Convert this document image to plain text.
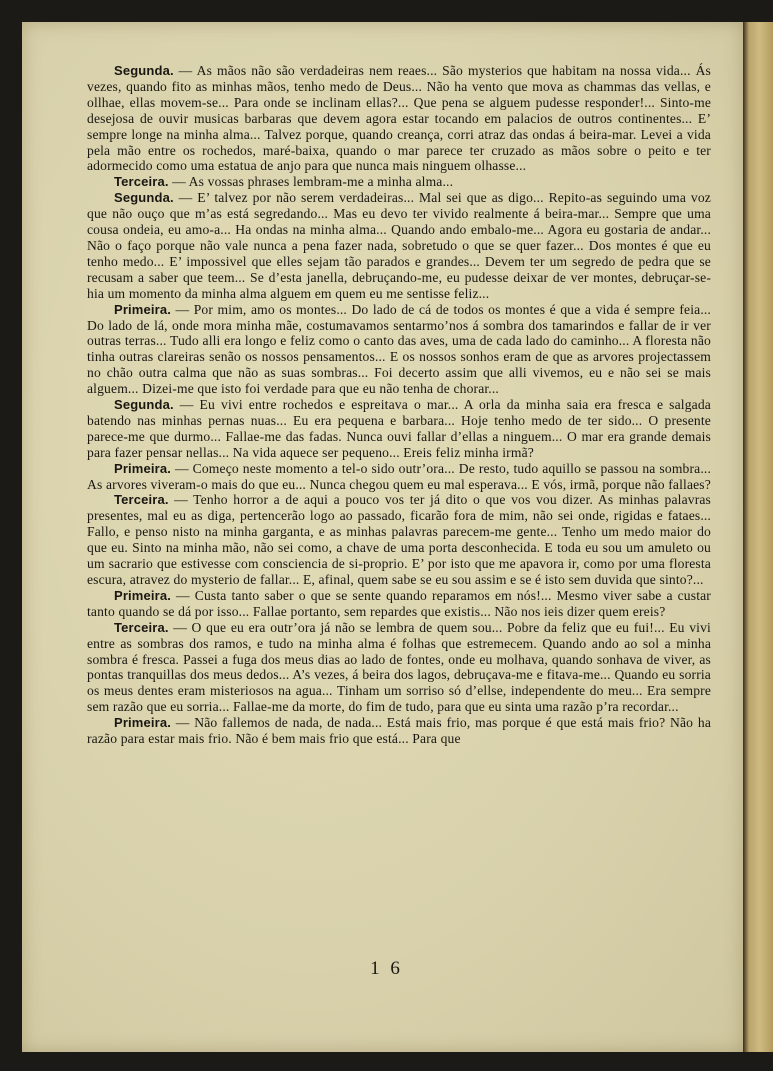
Segunda. — As mãos não são verdadeiras nem reaes... São mysterios que habitam na nossa vida... Ás vezes, quando fito as minhas mãos, tenho medo de Deus... Não ha vento que mova as chammas das vellas, e ollhae, ellas movem-se... Para onde se inclinam ellas?... Que pena se alguem pudesse responder!... Sinto-me desejosa de ouvir musicas barbaras que devem agora estar tocando em palacios de outros continentes... E’ sempre longe na minha alma... Talvez porque, quando creança, corri atraz das ondas á beira-mar. Levei a vida pela mão entre os rochedos, maré-baixa, quando o mar parece ter cruzado as mãos sobre o peito e ter adormecido como uma estatua de anjo para que nunca mais ninguem olhasse...

Terceira. — As vossas phrases lembram-me a minha alma...

Segunda. — E’ talvez por não serem verdadeiras... Mal sei que as digo... Repito-as seguindo uma voz que não ouço que m’as está segredando... Mas eu devo ter vivido realmente á beira-mar... Sempre que uma cousa ondeia, eu amo-a... Ha ondas na minha alma... Quando ando embalo-me... Agora eu gostaria de andar... Não o faço porque não vale nunca a pena fazer nada, sobretudo o que se quer fazer... Dos montes é que eu tenho medo... E’ impossivel que elles sejam tão parados e grandes... Devem ter um segredo de pedra que se recusam a saber que teem... Se d’esta janella, debruçando-me, eu pudesse deixar de ver montes, debruçar-se-hia um momento da minha alma alguem em quem eu me sentisse feliz...

Primeira. — Por mim, amo os montes... Do lado de cá de todos os montes é que a vida é sempre feia... Do lado de lá, onde mora minha mãe, costumavamos sentarmo’nos á sombra dos tamarindos e fallar de ir ver outras terras... Tudo alli era longo e feliz como o canto das aves, uma de cada lado do caminho... A floresta não tinha outras clareiras senão os nossos pensamentos... E os nossos sonhos eram de que as arvores projectassem no chão outra calma que não as suas sombras... Foi decerto assim que alli vivemos, eu e não sei se mais alguem... Dizei-me que isto foi verdade para que eu não tenha de chorar...

Segunda. — Eu vivi entre rochedos e espreitava o mar... A orla da minha saia era fresca e salgada batendo nas minhas pernas nuas... Eu era pequena e barbara... Hoje tenho medo de ter sido... O presente parece-me que durmo... Fallae-me das fadas. Nunca ouvi fallar d’ellas a ninguem... O mar era grande demais para fazer pensar nellas... Na vida aquece ser pequeno... Ereis feliz minha irmã?

Primeira. — Começo neste momento a tel-o sido outr’ora... De resto, tudo aquillo se passou na sombra... As arvores viveram-o mais do que eu... Nunca chegou quem eu mal esperava... E vós, irmã, porque não fallaes?

Terceira. — Tenho horror a de aqui a pouco vos ter já dito o que vos vou dizer. As minhas palavras presentes, mal eu as diga, pertencerão logo ao passado, ficarão fora de mim, não sei onde, rigidas e fataes... Fallo, e penso nisto na minha garganta, e as minhas palavras parecem-me gente... Tenho um medo maior do que eu. Sinto na minha mão, não sei como, a chave de uma porta desconhecida. E toda eu sou um amuleto ou um sacrario que estivesse com consciencia de si-proprio. E’ por isto que me apavora ir, como por uma floresta escura, atravez do mysterio de fallar... E, afinal, quem sabe se eu sou assim e se é isto sem duvida que sinto?...

Primeira. — Custa tanto saber o que se sente quando reparamos em nós!... Mesmo viver sabe a custar tanto quando se dá por isso... Fallae portanto, sem repardes que existis... Não nos ieis dizer quem ereis?

Terceira. — O que eu era outr’ora já não se lembra de quem sou... Pobre da feliz que eu fui!... Eu vivi entre as sombras dos ramos, e tudo na minha alma é folhas que estremecem. Quando ando ao sol a minha sombra é fresca. Passei a fuga dos meus dias ao lado de fontes, onde eu molhava, quando sonhava de viver, as pontas tranquillas dos meus dedos... A’s vezes, á beira dos lagos, debruçava-me e fitava-me... Quando eu sorria os meus dentes eram misteriosos na agua... Tinham um sorriso só d’ellse, independente do meu... Era sempre sem razão que eu sorria... Fallae-me da morte, do fim de tudo, para que eu sinta uma razão p’ra recordar...

Primeira. — Não fallemos de nada, de nada... Está mais frio, mas porque é que está mais frio? Não ha razão para estar mais frio. Não é bem mais frio que está... Para que

1 6
